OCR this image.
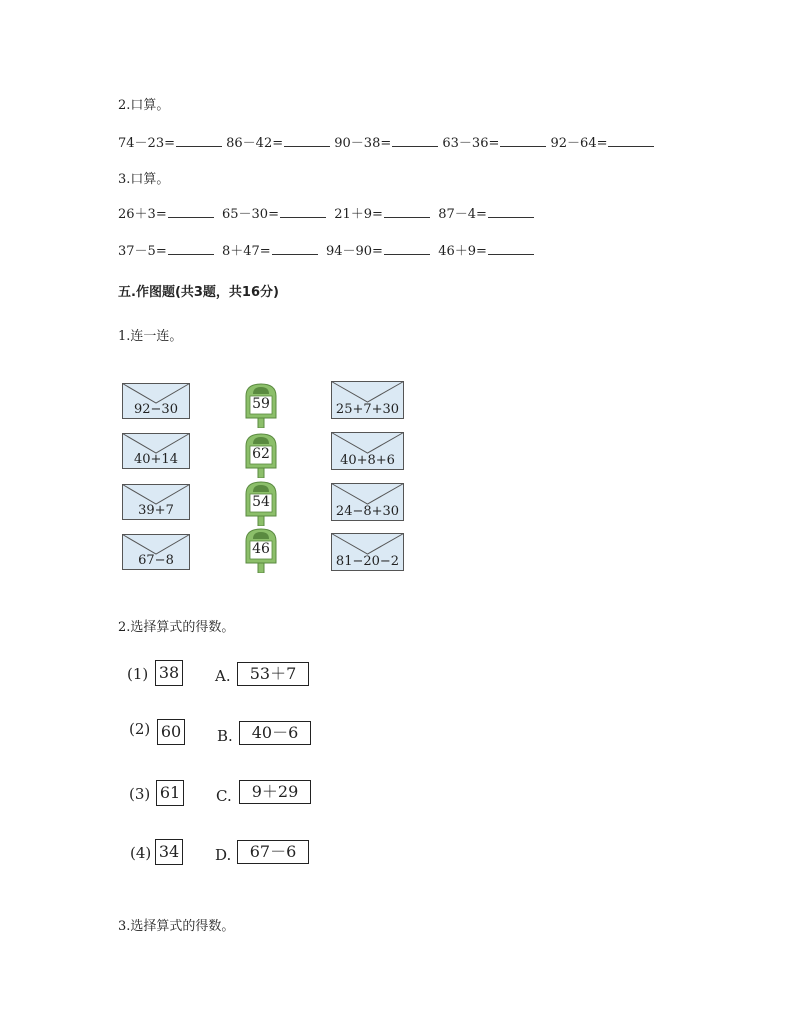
2.口算。
74－23=	86－42=	90－38=	63－36=	92－64=
3.口算。
26＋3=	65－30=	21＋9=	87－4=
37－5=	8＋47=	94－90=	46＋9=
五.作图题(共3题，共16分)
1.连一连。
92−30
40+14
39+7
67−8
59
62
54
46
25+7+30
40+8+6
24−8+30
81−20−2
2.选择算式的得数。
(1) 38 A.	53＋7
(2) 60 B.	40－6
(3) 61 C.	9＋29
(4) 34 D.	67－6
3.选择算式的得数。
